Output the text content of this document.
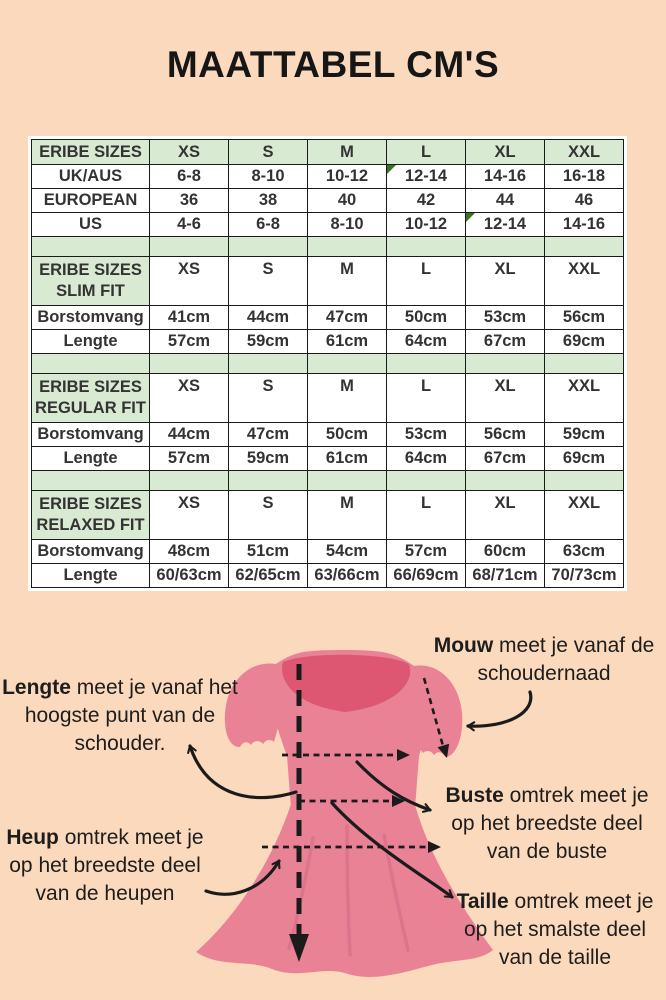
MAATTABEL CM'S
ERIBE SIZES	XS	S	M	L	XL	XXL
UK/AUS	6-8	8-10	10-12	12-14	14-16	16-18
EUROPEAN	36	38	40	42	44	46
US	4-6	6-8	8-10	10-12	12-14	14-16

ERIBE SIZES
SLIM FIT	XS	S	M	L	XL	XXL
Borstomvang	41cm	44cm	47cm	50cm	53cm	56cm
Lengte	57cm	59cm	61cm	64cm	67cm	69cm

ERIBE SIZES
REGULAR FIT	XS	S	M	L	XL	XXL
Borstomvang	44cm	47cm	50cm	53cm	56cm	59cm
Lengte	57cm	59cm	61cm	64cm	67cm	69cm

ERIBE SIZES
RELAXED FIT	XS	S	M	L	XL	XXL
Borstomvang	48cm	51cm	54cm	57cm	60cm	63cm
Lengte	60/63cm	62/65cm	63/66cm	66/69cm	68/71cm	70/73cm
Lengte meet je vanaf het hoogste punt van de schouder.
Mouw meet je vanaf de schoudernaad
Buste omtrek meet je op het breedste deel van de buste
Heup omtrek meet je op het breedste deel van de heupen	Taille omtrek meet je op het smalste deel van de taille
